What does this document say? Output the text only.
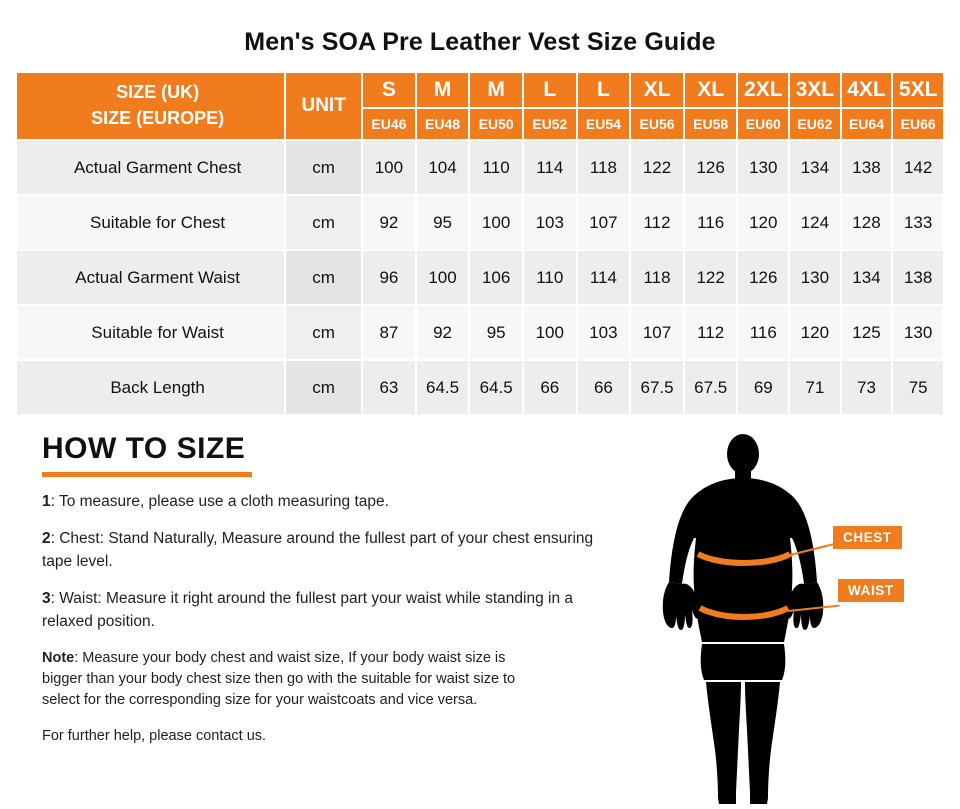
Men's SOA Pre Leather Vest Size Guide
SIZE (UK)
SIZE (EUROPE)	UNIT	S	M	M	L	L	XL	XL	2XL	3XL	4XL	5XL
		EU46	EU48	EU50	EU52	EU54	EU56	EU58	EU60	EU62	EU64	EU66
Actual Garment Chest	cm	100	104	110	114	118	122	126	130	134	138	142
Suitable for Chest	cm	92	95	100	103	107	112	116	120	124	128	133
Actual Garment Waist	cm	96	100	106	110	114	118	122	126	130	134	138
Suitable for Waist	cm	87	92	95	100	103	107	112	116	120	125	130
Back Length	cm	63	64.5	64.5	66	66	67.5	67.5	69	71	73	75
HOW TO SIZE
1: To measure, please use a cloth measuring tape.
2: Chest: Stand Naturally, Measure around the fullest part of your chest ensuring tape level.
3: Waist: Measure it right around the fullest part your waist while standing in a relaxed position.
Note: Measure your body chest and waist size, If your body waist size is bigger than your body chest size then go with the suitable for waist size to select for the corresponding size for your waistcoats and vice versa.
For further help, please contact us.
CHEST
WAIST
